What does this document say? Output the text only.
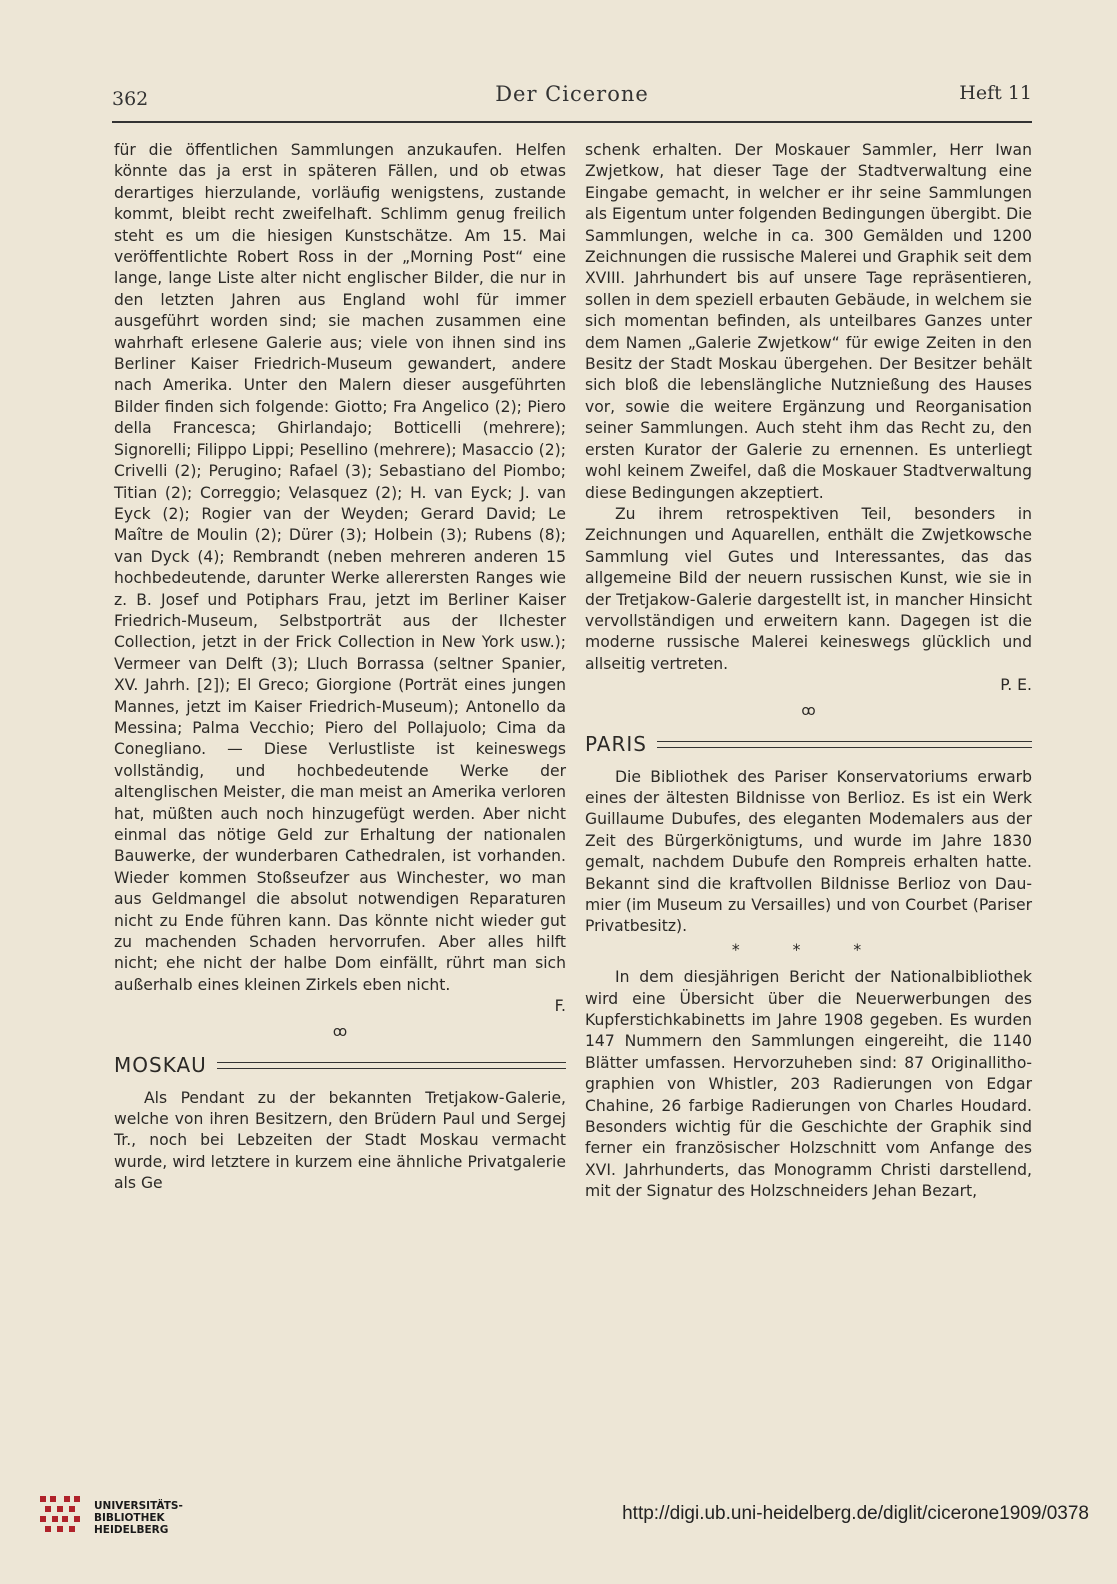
362	Der Cicerone	Heft 11

für die öffentlichen Sammlungen anzukaufen. Helfen könnte das ja erst in späteren Fällen, und ob etwas derartiges hierzulande, vorläufig wenigstens, zustande kommt, bleibt recht zweifelhaft. Schlimm genug freilich steht es um die hiesigen Kunstschätze. Am 15. Mai veröffentlichte Robert Ross in der „Morning Post“ eine lange, lange Liste alter nicht englischer Bilder, die nur in den letzten Jahren aus England wohl für immer ausgeführt worden sind; sie machen zusammen eine wahrhaft erlesene Galerie aus; viele von ihnen sind ins Berliner Kaiser Friedrich-Museum gewandert, andere nach Amerika. Unter den Malern dieser ausgeführten Bilder finden sich folgende: Giotto; Fra Angelico (2); Piero della Francesca; Ghirlandajo; Botticelli (mehrere); Signorelli; Filippo Lippi; Pesellino (mehrere); Masaccio (2); Crivelli (2); Perugino; Rafael (3); Sebastiano del Piombo; Titian (2); Correggio; Velasquez (2); H. van Eyck; J. van Eyck (2); Rogier van der Weyden; Gerard David; Le Maître de Moulin (2); Dürer (3); Holbein (3); Rubens (8); van Dyck (4); Rembrandt (neben mehreren anderen 15 hochbedeutende, darunter Werke allerersten Ranges wie z. B. Josef und Potiphars Frau, jetzt im Berliner Kaiser Friedrich-Museum, Selbstporträt aus der Ilchester Collection, jetzt in der Frick Collection in New York usw.); Vermeer van Delft (3); Lluch Borrassa (seltner Spanier, XV. Jahrh. [2]); El Greco; Giorgione (Porträt eines jungen Mannes, jetzt im Kaiser Friedrich-Museum); Antonello da Messina; Palma Vecchio; Piero del Pollajuolo; Cima da Conegliano. — Diese Verlustliste ist keineswegs vollständig, und hochbedeutende Werke der altenglischen Meister, die man meist an Amerika verloren hat, müßten auch noch hinzugefügt werden. Aber nicht einmal das nötige Geld zur Erhaltung der nationalen Bauwerke, der wunderbaren Cathedralen, ist vorhanden. Wieder kommen Stoßseufzer aus Winchester, wo man aus Geldmangel die absolut notwendigen Reparaturen nicht zu Ende führen kann. Das könnte nicht wieder gut zu machenden Schaden hervorrufen. Aber alles hilft nicht; ehe nicht der halbe Dom einfällt, rührt man sich außerhalb eines kleinen Zirkels eben nicht.

F.

ꝏ
MOSKAU

Als Pendant zu der bekannten Tretjakow-Galerie, welche von ihren Besitzern, den Brüdern Paul und Sergej Tr., noch bei Lebzeiten der Stadt Moskau vermacht wurde, wird letztere in kurzem eine ähnliche Privatgalerie als Ge

schenk erhalten. Der Moskauer Sammler, Herr Iwan Zwjetkow, hat dieser Tage der Stadtverwaltung eine Eingabe gemacht, in welcher er ihr seine Sammlungen als Eigentum unter folgenden Bedingungen übergibt. Die Sammlungen, welche in ca. 300 Gemälden und 1200 Zeichnungen die russische Malerei und Graphik seit dem XVIII. Jahrhundert bis auf unsere Tage repräsentieren, sollen in dem speziell erbauten Gebäude, in welchem sie sich momentan befinden, als unteilbares Ganzes unter dem Namen „Galerie Zwjetkow“ für ewige Zeiten in den Besitz der Stadt Moskau übergehen. Der Besitzer behält sich bloß die lebenslängliche Nutznießung des Hauses vor, sowie die weitere Ergänzung und Reorganisation seiner Sammlungen. Auch steht ihm das Recht zu, den ersten Kurator der Galerie zu ernennen. Es unterliegt wohl keinem Zweifel, daß die Moskauer Stadtverwaltung diese Bedingungen akzeptiert.

Zu ihrem retrospektiven Teil, besonders in Zeichnungen und Aquarellen, enthält die Zwjetkowsche Sammlung viel Gutes und Interessantes, das das allgemeine Bild der neuern russischen Kunst, wie sie in der Tretjakow-Galerie dargestellt ist, in mancher Hinsicht vervollständigen und erweitern kann. Dagegen ist die moderne russische Malerei keineswegs glücklich und allseitig vertreten.

P. E.

ꝏ
PARIS

Die Bibliothek des Pariser Konservatoriums erwarb eines der ältesten Bildnisse von Berlioz. Es ist ein Werk Guillaume Dubufes, des eleganten Modemalers aus der Zeit des Bürgerkönigtums, und wurde im Jahre 1830 gemalt, nachdem Dubufe den Rompreis erhalten hatte. Bekannt sind die kraftvollen Bildnisse Berlioz von Daumier (im Museum zu Versailles) und von Courbet (Pariser Privatbesitz).

* * *

In dem diesjährigen Bericht der Nationalbibliothek wird eine Übersicht über die Neuerwerbungen des Kupferstichkabinetts im Jahre 1908 gegeben. Es wurden 147 Nummern den Sammlungen eingereiht, die 1140 Blätter umfassen. Hervorzuheben sind: 87 Originallithographien von Whistler, 203 Radierungen von Edgar Chahine, 26 farbige Radierungen von Charles Houdard. Besonders wichtig für die Geschichte der Graphik sind ferner ein französischer Holzschnitt vom Anfange des XVI. Jahrhunderts, das Monogramm Christi darstellend, mit der Signatur des Holzschneiders Jehan Bezart,

UNIVERSITÄTS-
BIBLIOTHEK
HEIDELBERG
http://digi.ub.uni-heidelberg.de/diglit/cicerone1909/0378
